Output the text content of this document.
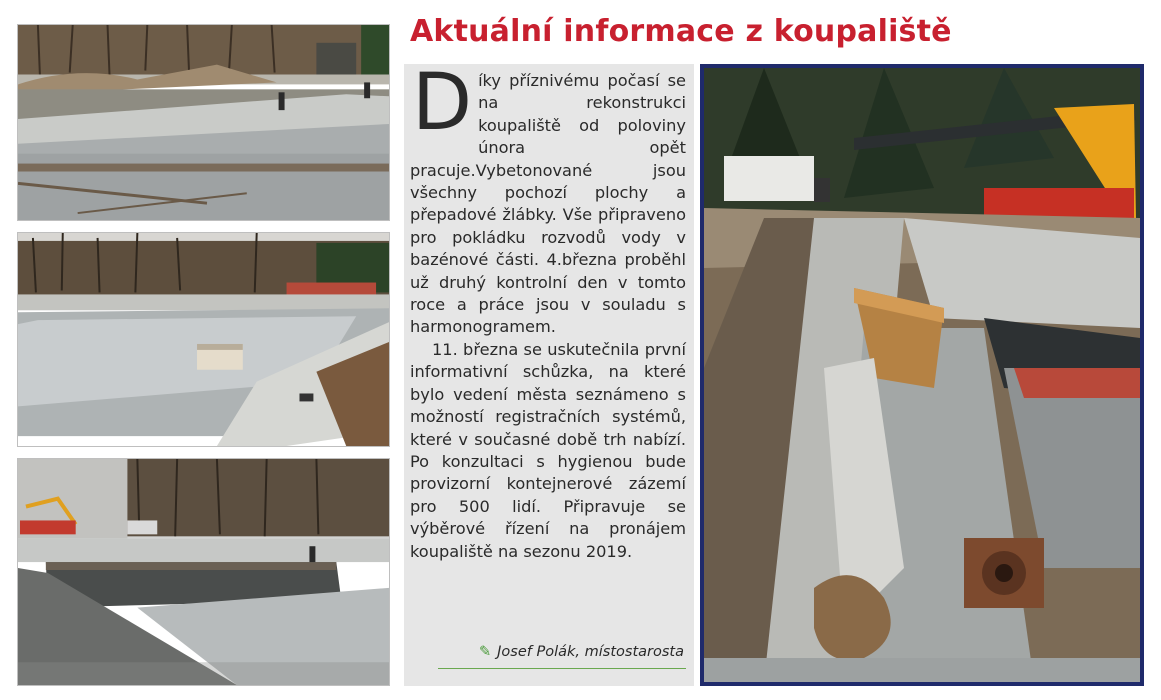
Aktuální informace z koupaliště

Díky příznivému počasí se na rekonstrukci koupaliště od poloviny února opět pracuje.Vybetonované jsou všechny pochozí plochy a přepadové žlábky. Vše připraveno pro pokládku rozvodů vody v bazénové části. 4.března proběhl už druhý kontrolní den v tomto roce a práce jsou v souladu s harmonogramem.

11. března se uskutečnila první informativní schůzka, na které bylo vedení města seznámeno s možností registračních systémů, které v současné době trh nabízí. Po konzultaci s hygienou bude provizorní kontejnerové zázemí pro 500 lidí. Připravuje se výběrové řízení na pronájem koupaliště na sezonu 2019.

✎ Josef Polák, místostarosta
